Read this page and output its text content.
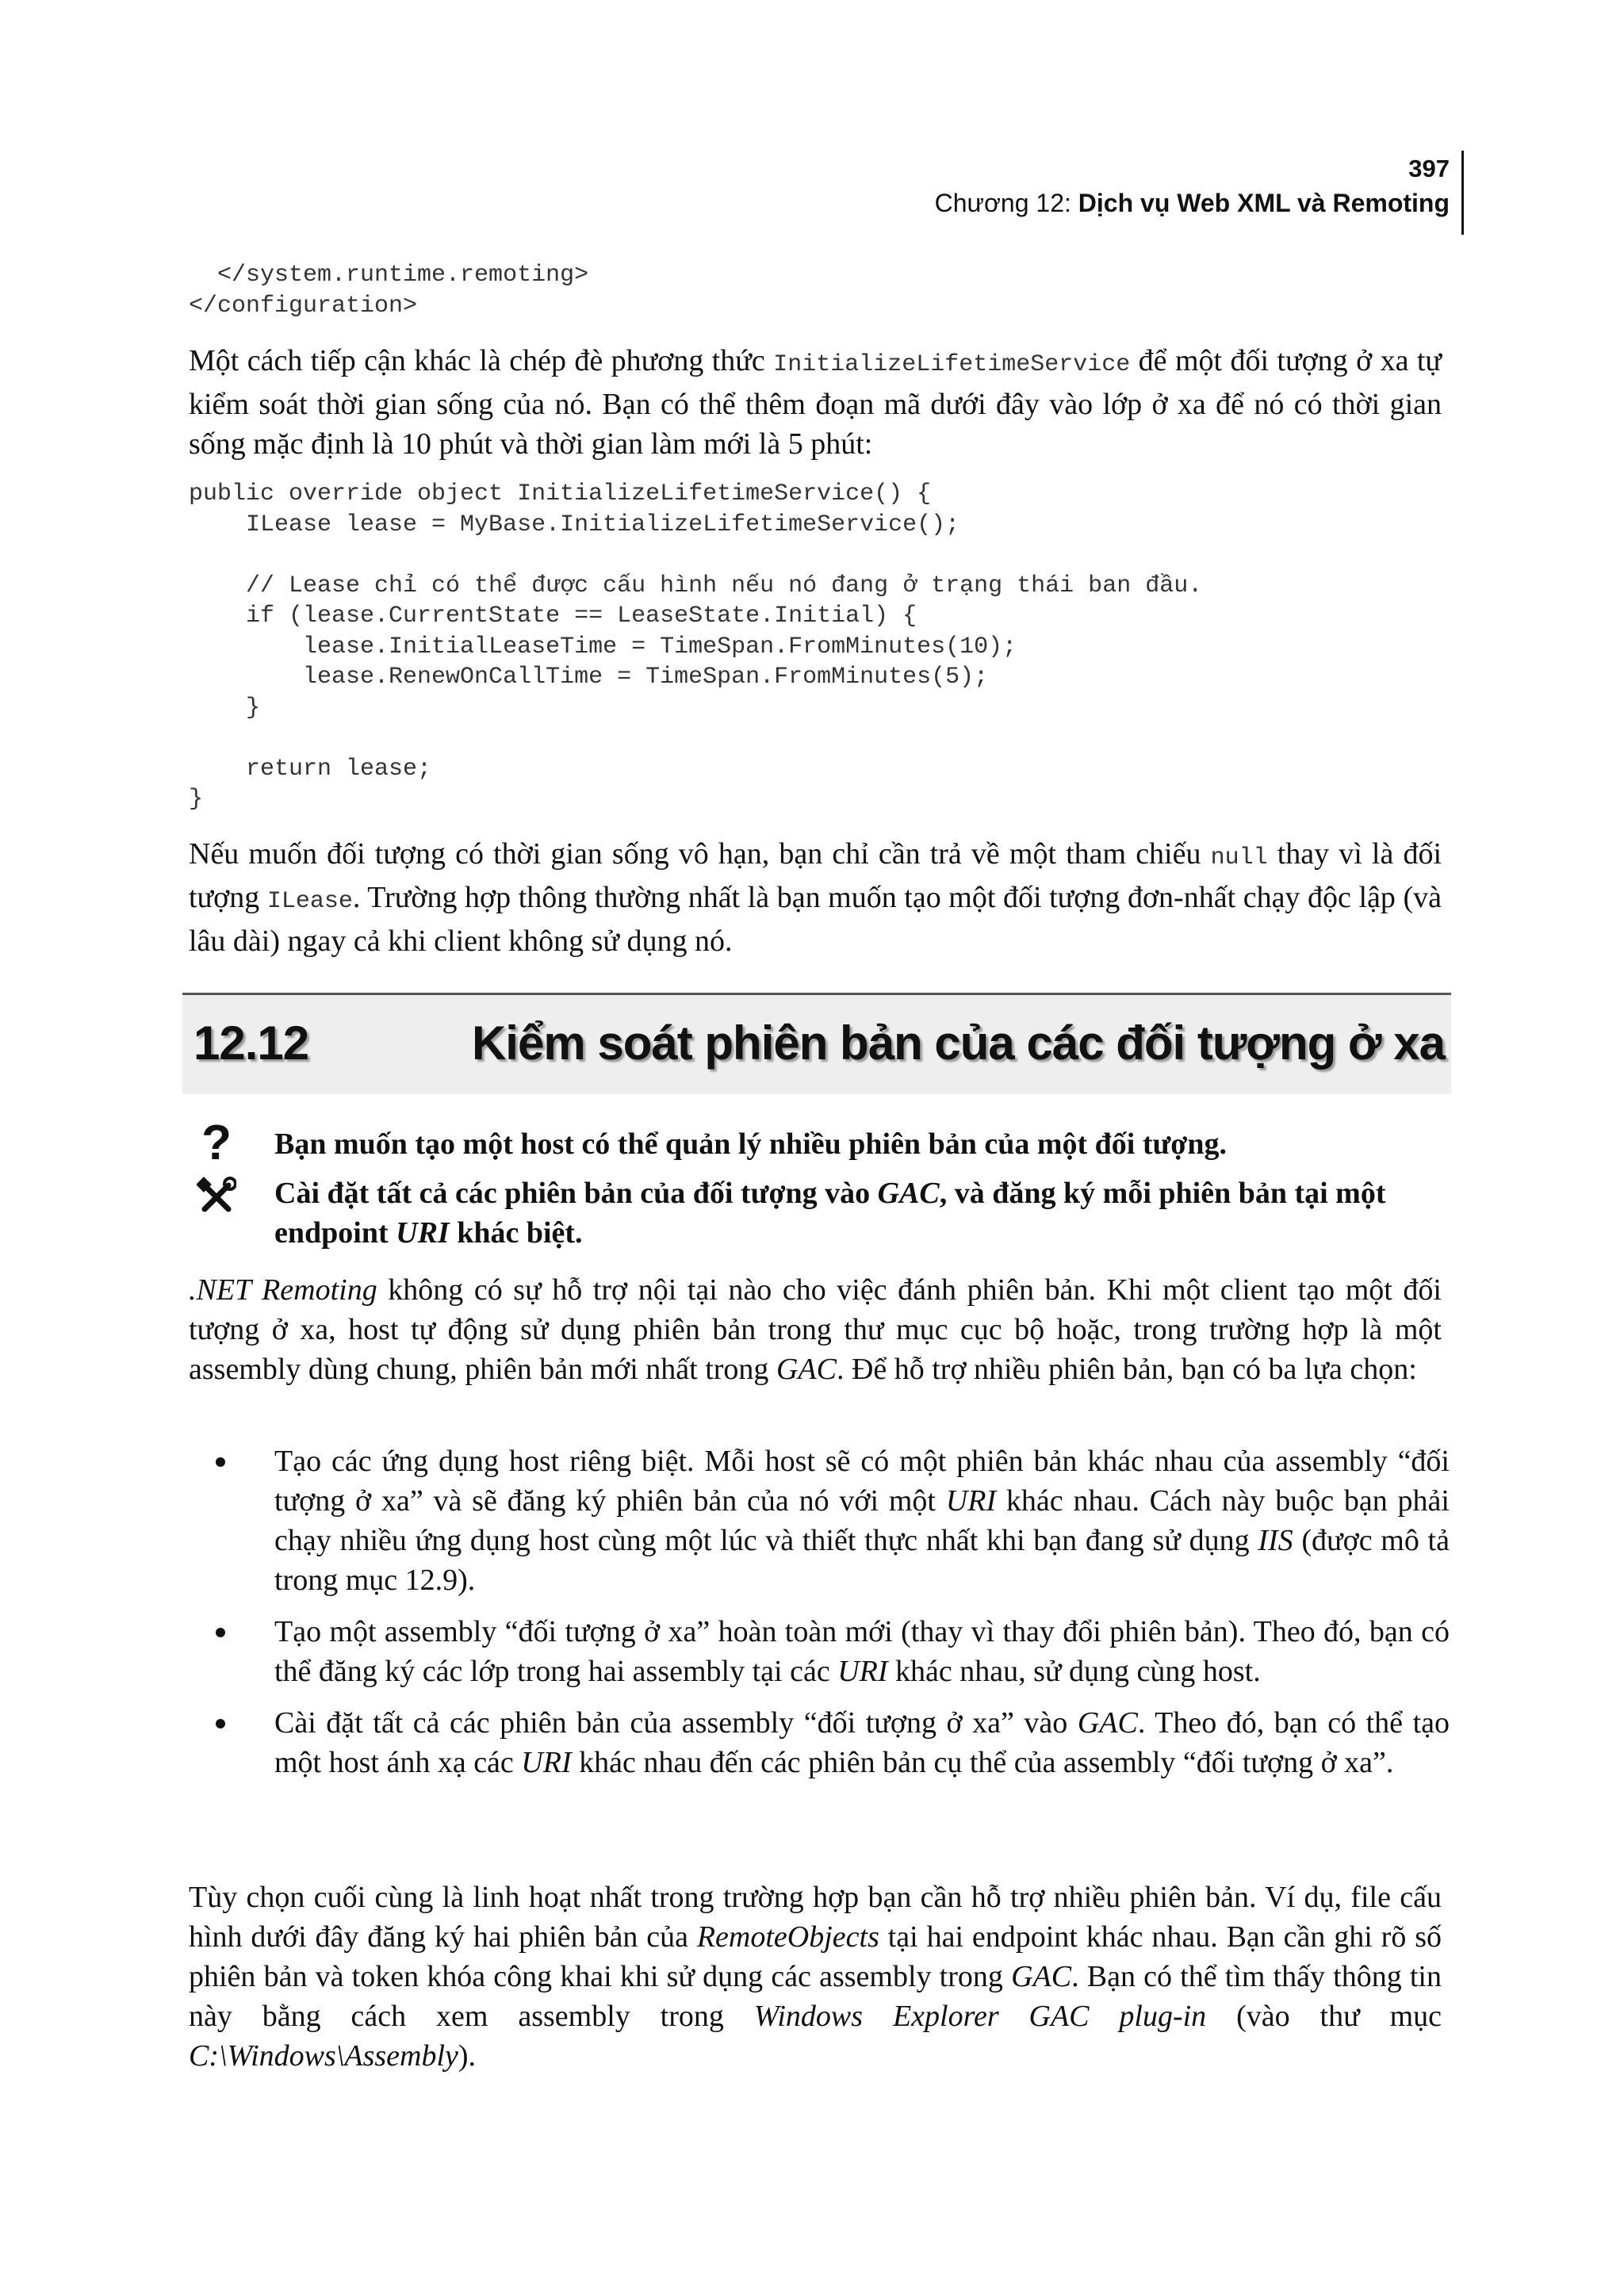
397
Chương 12: Dịch vụ Web XML và Remoting
</system.runtime.remoting>
</configuration>

Một cách tiếp cận khác là chép đè phương thức InitializeLifetimeService để một đối tượng ở xa tự kiểm soát thời gian sống của nó. Bạn có thể thêm đoạn mã dưới đây vào lớp ở xa để nó có thời gian sống mặc định là 10 phút và thời gian làm mới là 5 phút:

public override object InitializeLifetimeService() {
ILease lease = MyBase.InitializeLifetimeService();

// Lease chỉ có thể được cấu hình nếu nó đang ở trạng thái ban đầu.
if (lease.CurrentState == LeaseState.Initial) {
lease.InitialLeaseTime = TimeSpan.FromMinutes(10);
lease.RenewOnCallTime = TimeSpan.FromMinutes(5);
}

return lease;
}

Nếu muốn đối tượng có thời gian sống vô hạn, bạn chỉ cần trả về một tham chiếu null thay vì là đối tượng ILease. Trường hợp thông thường nhất là bạn muốn tạo một đối tượng đơn-nhất chạy độc lập (và lâu dài) ngay cả khi client không sử dụng nó.

12.12	Kiểm soát phiên bản của các đối tượng ở xa
? Bạn muốn tạo một host có thể quản lý nhiều phiên bản của một đối tượng.
Cài đặt tất cả các phiên bản của đối tượng vào GAC, và đăng ký mỗi phiên bản tại một endpoint URI khác biệt.

.NET Remoting không có sự hỗ trợ nội tại nào cho việc đánh phiên bản. Khi một client tạo một đối tượng ở xa, host tự động sử dụng phiên bản trong thư mục cục bộ hoặc, trong trường hợp là một assembly dùng chung, phiên bản mới nhất trong GAC. Để hỗ trợ nhiều phiên bản, bạn có ba lựa chọn:

Tạo các ứng dụng host riêng biệt. Mỗi host sẽ có một phiên bản khác nhau của assembly “đối tượng ở xa” và sẽ đăng ký phiên bản của nó với một URI khác nhau. Cách này buộc bạn phải chạy nhiều ứng dụng host cùng một lúc và thiết thực nhất khi bạn đang sử dụng IIS (được mô tả trong mục 12.9).
Tạo một assembly “đối tượng ở xa” hoàn toàn mới (thay vì thay đổi phiên bản). Theo đó, bạn có thể đăng ký các lớp trong hai assembly tại các URI khác nhau, sử dụng cùng host.
Cài đặt tất cả các phiên bản của assembly “đối tượng ở xa” vào GAC. Theo đó, bạn có thể tạo một host ánh xạ các URI khác nhau đến các phiên bản cụ thể của assembly “đối tượng ở xa”.

Tùy chọn cuối cùng là linh hoạt nhất trong trường hợp bạn cần hỗ trợ nhiều phiên bản. Ví dụ, file cấu hình dưới đây đăng ký hai phiên bản của RemoteObjects tại hai endpoint khác nhau. Bạn cần ghi rõ số phiên bản và token khóa công khai khi sử dụng các assembly trong GAC. Bạn có thể tìm thấy thông tin này bằng cách xem assembly trong Windows Explorer GAC plug-in (vào thư mục C:\Windows\Assembly).
